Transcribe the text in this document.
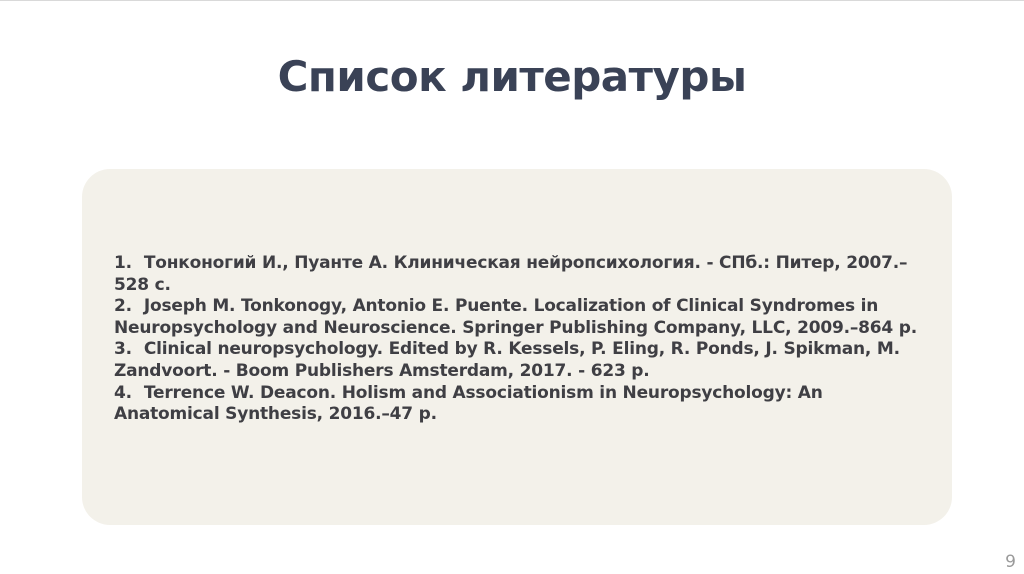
Список литературы
1. Тонконогий И., Пуанте А. Клиническая нейропсихология. - СПб.: Питер, 2007.–528 с.
2. Joseph M. Tonkonogy, Antonio E. Puente. Localization of Clinical Syndromes in Neuropsychology and Neuroscience. Springer Publishing Company, LLC, 2009.–864 p.
3. Clinical neuropsychology. Edited by R. Kessels, P. Eling, R. Ponds, J. Spikman, M. Zandvoort. - Boom Publishers Amsterdam, 2017. - 623 p.
4. Terrence W. Deacon. Holism and Associationism in Neuropsychology: An Anatomical Synthesis, 2016.–47 p.
9
